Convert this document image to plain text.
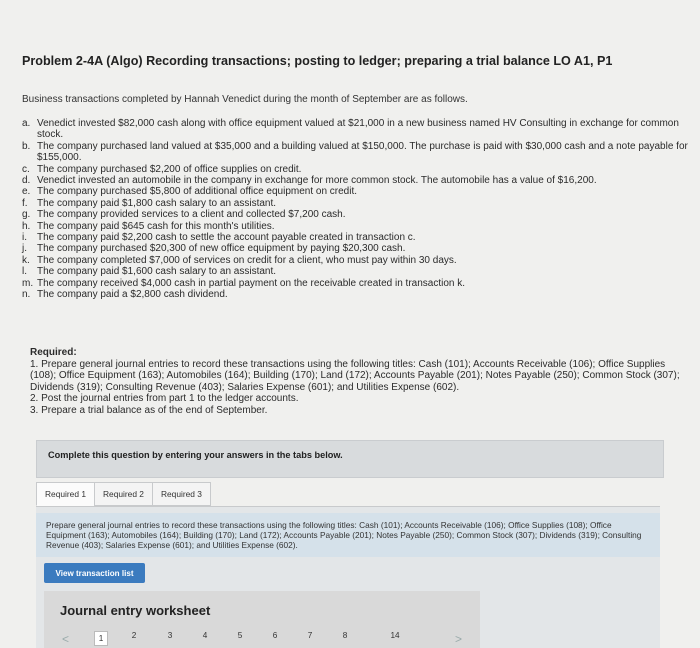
Problem 2-4A (Algo) Recording transactions; posting to ledger; preparing a trial balance LO A1, P1
Business transactions completed by Hannah Venedict during the month of September are as follows.
a. Venedict invested $82,000 cash along with office equipment valued at $21,000 in a new business named HV Consulting in exchange for common stock.
b. The company purchased land valued at $35,000 and a building valued at $150,000. The purchase is paid with $30,000 cash and a note payable for $155,000.
c. The company purchased $2,200 of office supplies on credit.
d. Venedict invested an automobile in the company in exchange for more common stock. The automobile has a value of $16,200.
e. The company purchased $5,800 of additional office equipment on credit.
f. The company paid $1,800 cash salary to an assistant.
g. The company provided services to a client and collected $7,200 cash.
h. The company paid $645 cash for this month's utilities.
i.	The company paid $2,200 cash to settle the account payable created in transaction c.
j.	The company purchased $20,300 of new office equipment by paying $20,300 cash.
k. The company completed $7,000 of services on credit for a client, who must pay within 30 days.
l.	The company paid $1,600 cash salary to an assistant.
m. The company received $4,000 cash in partial payment on the receivable created in transaction k.
n. The company paid a $2,800 cash dividend.
Required:
1. Prepare general journal entries to record these transactions using the following titles: Cash (101); Accounts Receivable (106); Office Supplies (108); Office Equipment (163); Automobiles (164); Building (170); Land (172); Accounts Payable (201); Notes Payable (250); Common Stock (307); Dividends (319); Consulting Revenue (403); Salaries Expense (601); and Utilities Expense (602).
2. Post the journal entries from part 1 to the ledger accounts.
3. Prepare a trial balance as of the end of September.
Complete this question by entering your answers in the tabs below.
Required 1	Required 2	Required 3
Prepare general journal entries to record these transactions using the following titles: Cash (101); Accounts Receivable (106); Office Supplies (108); Office Equipment (163); Automobiles (164); Building (170); Land (172); Accounts Payable (201); Notes Payable (250); Common Stock (307); Dividends (319); Consulting Revenue (403); Salaries Expense (601); and Utilities Expense (602).
View transaction list
Journal entry worksheet
<	1	2	3	4	5	6	7	8	14	>
